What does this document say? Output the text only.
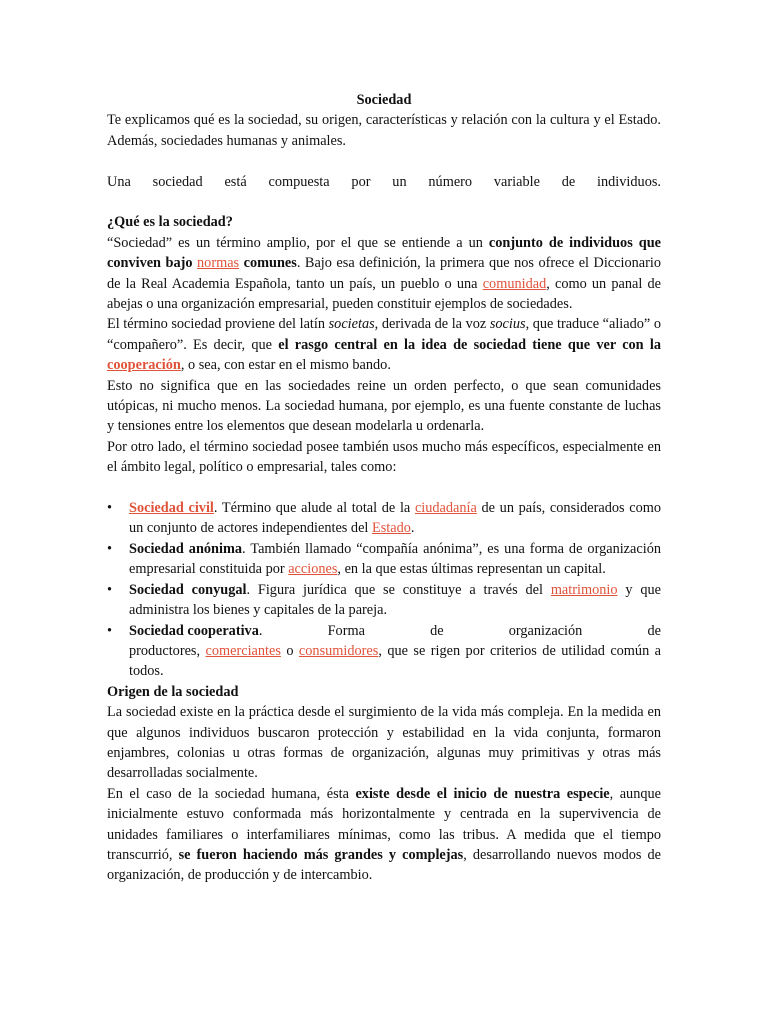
Sociedad

Te explicamos qué es la sociedad, su origen, características y relación con la cultura y el Estado. Además, sociedades humanas y animales.

Una sociedad está compuesta por un número variable de individuos.

¿Qué es la sociedad?

“Sociedad” es un término amplio, por el que se entiende a un conjunto de individuos que conviven bajo normas comunes. Bajo esa definición, la primera que nos ofrece el Diccionario de la Real Academia Española, tanto un país, un pueblo o una comunidad, como un panal de abejas o una organización empresarial, pueden constituir ejemplos de sociedades.

El término sociedad proviene del latín societas, derivada de la voz socius, que traduce “aliado” o “compañero”. Es decir, que el rasgo central en la idea de sociedad tiene que ver con la cooperación, o sea, con estar en el mismo bando.

Esto no significa que en las sociedades reine un orden perfecto, o que sean comunidades utópicas, ni mucho menos. La sociedad humana, por ejemplo, es una fuente constante de luchas y tensiones entre los elementos que desean modelarla u ordenarla.

Por otro lado, el término sociedad posee también usos mucho más específicos, especialmente en el ámbito legal, político o empresarial, tales como:

• Sociedad civil. Término que alude al total de la ciudadanía de un país, considerados como un conjunto de actores independientes del Estado.
• Sociedad anónima. También llamado “compañía anónima”, es una forma de organización empresarial constituida por acciones, en la que estas últimas representan un capital.
• Sociedad conyugal. Figura jurídica que se constituye a través del matrimonio y que administra los bienes y capitales de la pareja.
• Sociedad cooperativa.	Forma	de	organización	de
productores, comerciantes o consumidores, que se rigen por criterios de utilidad común a todos.
Origen de la sociedad

La sociedad existe en la práctica desde el surgimiento de la vida más compleja. En la medida en que algunos individuos buscaron protección y estabilidad en la vida conjunta, formaron enjambres, colonias u otras formas de organización, algunas muy primitivas y otras más desarrolladas socialmente.

En el caso de la sociedad humana, ésta existe desde el inicio de nuestra especie, aunque inicialmente estuvo conformada más horizontalmente y centrada en la supervivencia de unidades familiares o interfamiliares mínimas, como las tribus. A medida que el tiempo transcurrió, se fueron haciendo más grandes y complejas, desarrollando nuevos modos de organización, de producción y de intercambio.
